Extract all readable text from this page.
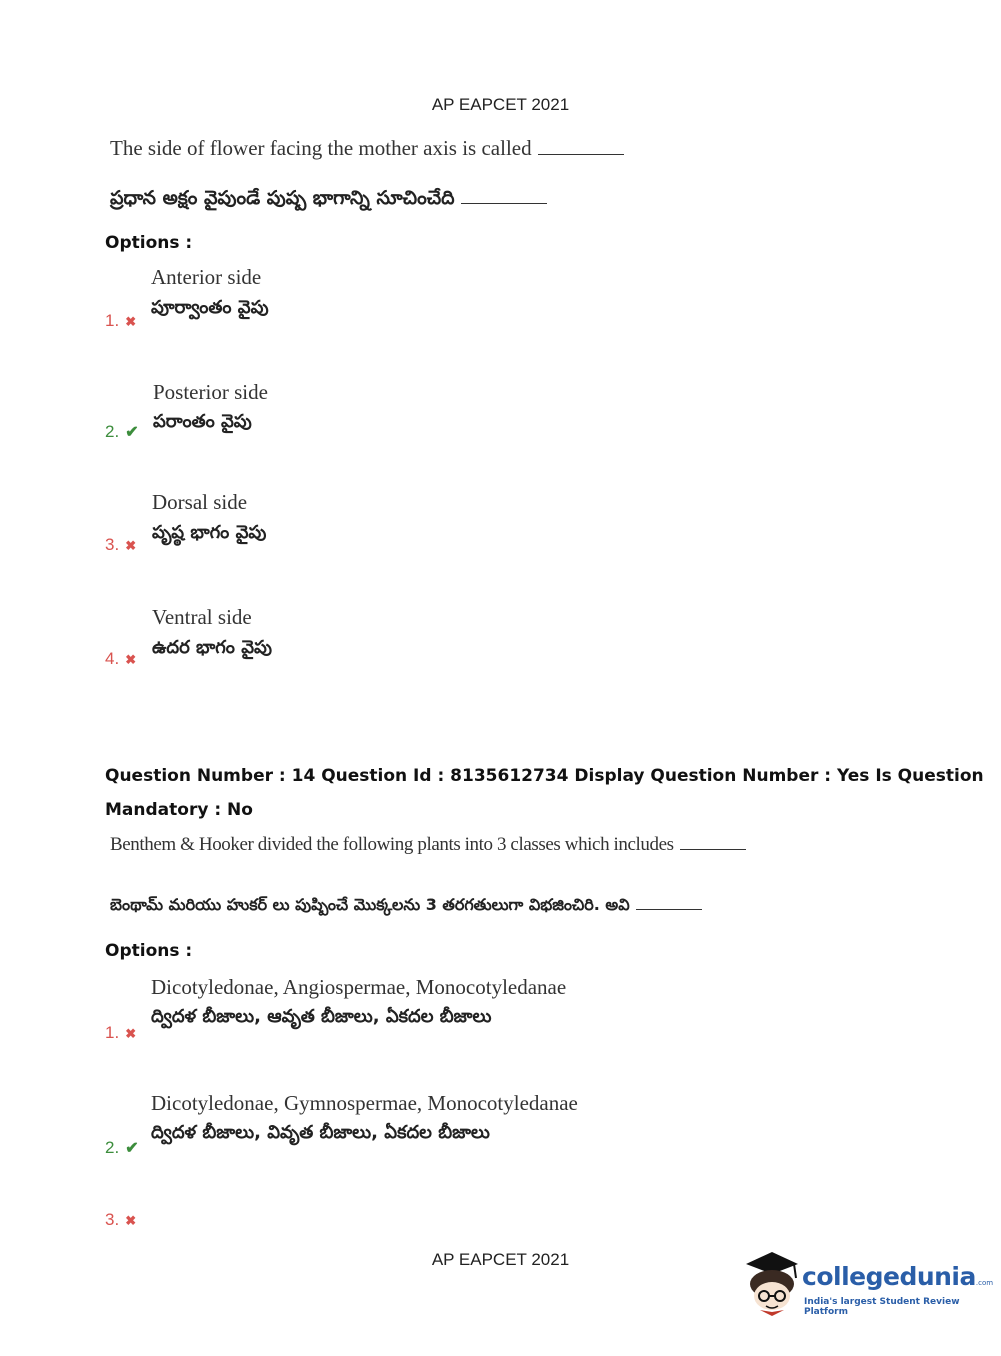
AP EAPCET 2021
The side of flower facing the mother axis is called
ప్రధాన అక్షం వైపుండే పుష్ప భాగాన్ని సూచించేది
Options :
Anterior side
పూర్వాంతం వైపు
1. ✖
Posterior side
పరాంతం వైపు
2. ✔
Dorsal side
పృష్ఠ భాగం వైపు
3. ✖
Ventral side
ఉదర భాగం వైపు
4. ✖
Question Number : 14 Question Id : 8135612734 Display Question Number : Yes Is Question
Mandatory : No
Benthem & Hooker divided the following plants into 3 classes which includes
బెంథామ్ మరియు హుకర్ లు పుష్పించే మొక్కలను 3 తరగతులుగా విభజించిరి. అవి
Options :
Dicotyledonae, Angiospermae, Monocotyledanae
ద్విదళ బీజాలు, ఆవృత బీజాలు, ఏకదల బీజాలు
1. ✖
Dicotyledonae, Gymnospermae, Monocotyledanae
ద్విదళ బీజాలు, వివృత బీజాలు, ఏకదల బీజాలు
2. ✔
3. ✖
AP EAPCET 2021
collegedunia.com
India's largest Student Review Platform
